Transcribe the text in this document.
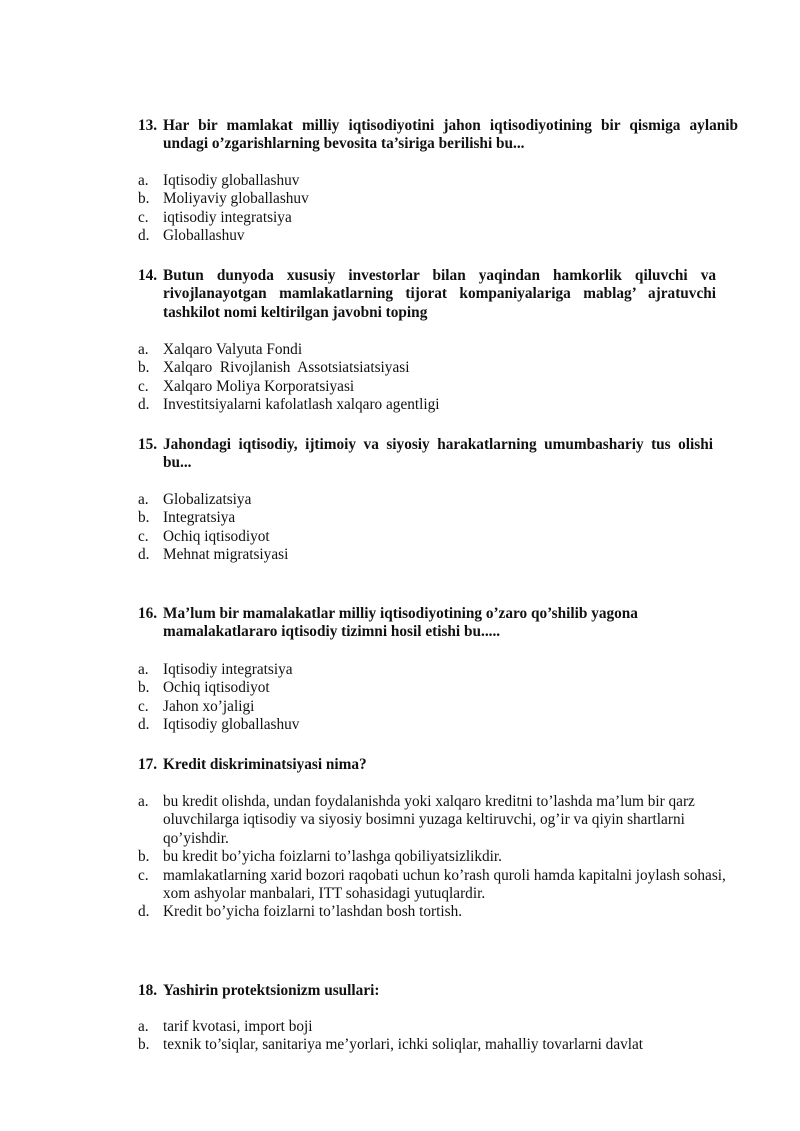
13. Har bir mamlakat milliy iqtisodiyotini jahon iqtisodiyotining bir qismiga aylanib undagi o’zgarishlarning bevosita ta’siriga berilishi bu...
a. Iqtisodiy globallashuv
b. Moliyaviy globallashuv
c. iqtisodiy integratsiya
d. Globallashuv
14. Butun dunyoda xususiy investorlar bilan yaqindan hamkorlik qiluvchi va rivojlanayotgan mamlakatlarning tijorat kompaniyalariga mablag’ ajratuvchi tashkilot nomi keltirilgan javobni toping
a. Xalqaro Valyuta Fondi
b. Xalqaro  Rivojlanish  Assotsiatsiatsiyasi
c. Xalqaro Moliya Korporatsiyasi
d. Investitsiyalarni kafolatlash xalqaro agentligi
15. Jahondagi iqtisodiy, ijtimoiy va siyosiy harakatlarning umumbashariy tus olishi bu...
a. Globalizatsiya
b. Integratsiya
c. Ochiq iqtisodiyot
d. Mehnat migratsiyasi
16. Ma’lum bir mamalakatlar milliy iqtisodiyotining o’zaro qo’shilib yagona mamalakatlararo iqtisodiy tizimni hosil etishi bu.....
a. Iqtisodiy integratsiya
b. Ochiq iqtisodiyot
c. Jahon xo’jaligi
d. Iqtisodiy globallashuv
17. Kredit diskriminatsiyasi nima?
a. bu kredit olishda, undan foydalanishda yoki xalqaro kreditni to’lashda ma’lum bir qarz oluvchilarga iqtisodiy va siyosiy bosimni yuzaga keltiruvchi, og’ir va qiyin shartlarni qo’yishdir.
b. bu kredit bo’yicha foizlarni to’lashga qobiliyatsizlikdir.
c. mamlakatlarning xarid bozori raqobati uchun ko’rash quroli hamda kapitalni joylash sohasi, xom ashyolar manbalari, ITT sohasidagi yutuqlardir.
d. Kredit bo’yicha foizlarni to’lashdan bosh tortish.
18. Yashirin protektsionizm usullari:
a. tarif kvotasi, import boji
b. texnik to’siqlar, sanitariya me’yorlari, ichki soliqlar, mahalliy tovarlarni davlat
